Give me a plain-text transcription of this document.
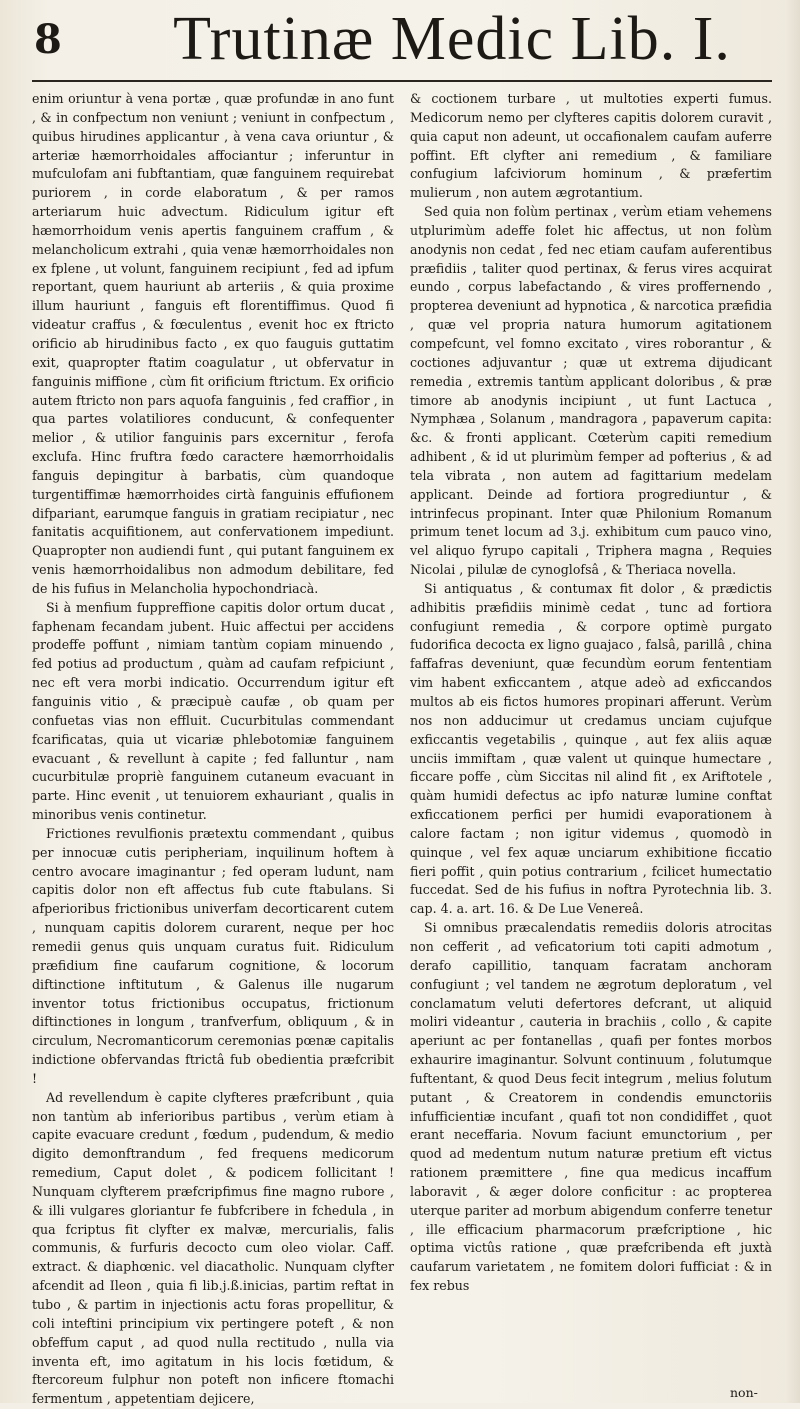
8	Trutinæ Medic Lib. I.

enim oriuntur à vena portæ , quæ profundæ in ano funt , & in confpectum non veniunt ; veniunt in confpectum , quibus hirudines applicantur , à vena cava oriuntur , & arteriæ hæmorrhoidales affociantur ; inferuntur in mufculofam ani fubftantiam, quæ fanguinem requirebat puriorem , in corde elaboratum , & per ramos arteriarum huic advectum. Ridiculum igitur eft hæmorrhoidum venis apertis fanguinem craffum , & melancholicum extrahi , quia venæ hæmorrhoidales non ex fplene , ut volunt, fanguinem recipiunt , fed ad ipfum reportant, quem hauriunt ab arteriis , & quia proxime illum hauriunt , fanguis eft florentiffimus. Quod fi videatur craffus , & fœculentus , evenit hoc ex ftricto orificio ab hirudinibus facto , ex quo fauguis guttatim exit, quapropter ftatim coagulatur , ut obfervatur in fanguinis miffione , cùm fit orificium ftrictum. Ex orificio autem ftricto non pars aquofa fanguinis , fed craffior , in qua partes volatiliores conducunt, & confequenter melior , & utilior fanguinis pars excernitur , ferofa exclufa. Hinc fruftra fœdo caractere hæmorrhoidalis fanguis depingitur à barbatis, cùm quandoque turgentiffimæ hæmorrhoides cirtà fanguinis effufionem difpariant, earumque fanguis in gratiam recipiatur , nec fanitatis acquifitionem, aut confervationem impediunt. Quapropter non audiendi funt , qui putant fanguinem ex venis hæmorrhoidalibus non admodum debilitare, fed de his fufius in Melancholia hypochondriacà.

Si à menfium fuppreffione capitis dolor ortum ducat , faphenam fecandam jubent. Huic affectui per accidens prodeffe poffunt , nimiam tantùm copiam minuendo , fed potius ad productum , quàm ad caufam refpiciunt , nec eft vera morbi indicatio. Occurrendum igitur eft fanguinis vitio , & præcipuè caufæ , ob quam per confuetas vias non effluit. Cucurbitulas commendant fcarificatas, quia ut vicariæ phlebotomiæ fanguinem evacuant , & revellunt à capite ; fed falluntur , nam cucurbitulæ propriè fanguinem cutaneum evacuant in parte. Hinc evenit , ut tenuiorem exhauriant , qualis in minoribus venis continetur.

Frictiones revulfionis prætextu commendant , quibus per innocuæ cutis peripheriam, inquilinum hoftem à centro avocare imaginantur ; fed operam ludunt, nam capitis dolor non eft affectus fub cute ftabulans. Si afperioribus frictionibus univerfam decorticarent cutem , nunquam capitis dolorem curarent, neque per hoc remedii genus quis unquam curatus fuit. Ridiculum præfidium fine caufarum cognitione, & locorum diftinctione inftitutum , & Galenus ille nugarum inventor totus frictionibus occupatus, frictionum diftinctiones in longum , tranfverfum, obliquum , & in circulum, Necromanticorum ceremonias pœnæ capitalis indictione obfervandas ftrictâ fub obedientia præfcribit !

Ad revellendum è capite clyfteres præfcribunt , quia non tantùm ab inferioribus partibus , verùm etiam à capite evacuare credunt , fœdum , pudendum, & medio digito demonftrandum , fed frequens medicorum remedium, Caput dolet , & podicem follicitant ! Nunquam clyfterem præfcripfimus fine magno rubore , & illi vulgares gloriantur fe fubfcribere in fchedula , in qua fcriptus fit clyfter ex malvæ, mercurialis, falis communis, & furfuris decocto cum oleo violar. Caff. extract. & diaphœnic. vel diacatholic. Nunquam clyfter afcendit ad Ileon , quia fi lib.j.ß.inicias, partim reftat in tubo , & partim in injectionis actu foras propellitur, & coli inteftini principium vix pertingere poteft , & non obfeffum caput , ad quod nulla rectitudo , nulla via inventa eft, imo agitatum in his locis fœtidum, & ftercoreum fulphur non poteft non inficere ftomachi fermentum , appetentiam dejicere,

& coctionem turbare , ut multoties experti fumus. Medicorum nemo per clyfteres capitis dolorem curavit , quia caput non adeunt, ut occafionalem caufam auferre poffint. Eft clyfter ani remedium , & familiare confugium lafciviorum hominum , & præfertim mulierum , non autem ægrotantium.

Sed quia non folùm pertinax , verùm etiam vehemens utplurimùm adeffe folet hic affectus, ut non folùm anodynis non cedat , fed nec etiam caufam auferentibus præfidiis , taliter quod pertinax, & ferus vires acquirat eundo , corpus labefactando , & vires proffernendo , propterea deveniunt ad hypnotica , & narcotica præfidia , quæ vel propria natura humorum agitationem compefcunt, vel fomno excitato , vires roborantur , & coctiones adjuvantur ; quæ ut extrema dijudicant remedia , extremis tantùm applicant doloribus , & præ timore ab anodynis incipiunt , ut funt Lactuca , Nymphæa , Solanum , mandragora , papaverum capita: &c. & fronti applicant. Cœterùm capiti remedium adhibent , & id ut plurimùm femper ad pofterius , & ad tela vibrata , non autem ad fagittarium medelam applicant. Deinde ad fortiora progrediuntur , & intrinfecus propinant. Inter quæ Philonium Romanum primum tenet locum ad 3.j. exhibitum cum pauco vino, vel aliquo fyrupo capitali , Triphera magna , Requies Nicolai , pilulæ de cynoglofsâ , & Theriaca novella.

Si antiquatus , & contumax fit dolor , & prædictis adhibitis præfidiis minimè cedat , tunc ad fortiora confugiunt remedia , & corpore optimè purgato fudorifica decocta ex ligno guajaco , falsâ, parillâ , china faffafras deveniunt, quæ fecundùm eorum fententiam vim habent exficcantem , atque adeò ad exficcandos multos ab eis fictos humores propinari afferunt. Verùm nos non adducimur ut credamus unciam cujufque exficcantis vegetabilis , quinque , aut fex aliis aquæ unciis immiftam , quæ valent ut quinque humectare , ficcare poffe , cùm Siccitas nil alind fit , ex Ariftotele , quàm humidi defectus ac ipfo naturæ lumine conftat exficcationem perfici per humidi evaporationem à calore factam ; non igitur videmus , quomodò in quinque , vel fex aquæ unciarum exhibitione ficcatio fieri poffit , quin potius contrarium , fcilicet humectatio fuccedat. Sed de his fufius in noftra Pyrotechnia lib. 3. cap. 4. a. art. 16. & De Lue Venereâ.

Si omnibus præcalendatis remediis doloris atrocitas non cefferit , ad veficatorium toti capiti admotum , derafo capillitio, tanquam facratam anchoram confugiunt ; vel tandem ne ægrotum deploratum , vel conclamatum veluti defertores defcrant, ut aliquid moliri videantur , cauteria in brachiis , collo , & capite aperiunt ac per fontanellas , quafi per fontes morbos exhaurire imaginantur. Solvunt continuum , folutumque fuftentant, & quod Deus fecit integrum , melius folutum putant , & Creatorem in condendis emunctoriis infufficientiæ incufant , quafi tot non condidiffet , quot erant neceffaria. Novum faciunt emunctorium , per quod ad medentum nutum naturæ pretium eft victus rationem præmittere , fine qua medicus incaffum laboravit , & æger dolore conficitur : ac propterea uterque pariter ad morbum abigendum conferre tenetur , ille efficacium pharmacorum præfcriptione , hic optima victûs ratione , quæ præfcribenda eft juxtà caufarum varietatem , ne fomitem dolori fufficiat : & in fex rebus

non-
